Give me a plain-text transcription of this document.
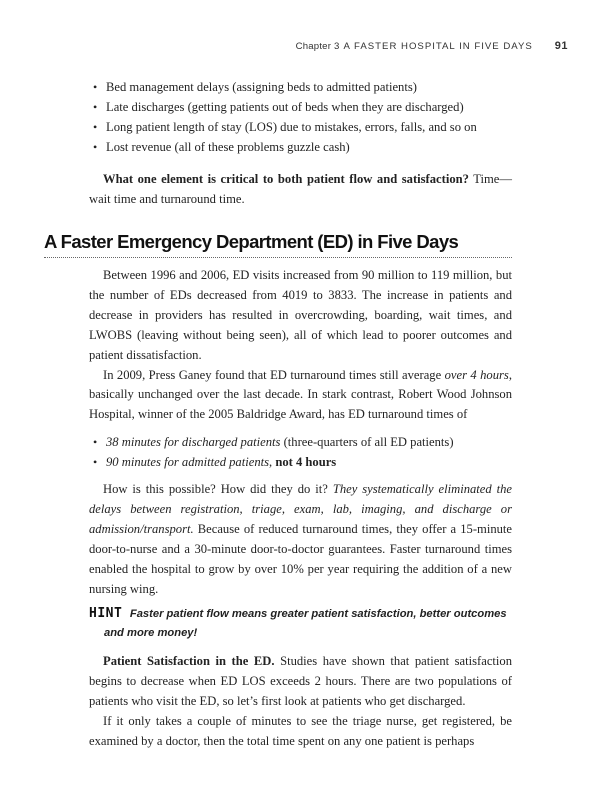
Chapter 3 A FASTER HOSPITAL IN FIVE DAYS 91
• Bed management delays (assigning beds to admitted patients)
• Late discharges (getting patients out of beds when they are discharged)
• Long patient length of stay (LOS) due to mistakes, errors, falls, and so on
• Lost revenue (all of these problems guzzle cash)

What one element is critical to both patient flow and satisfaction? Time—wait time and turnaround time.

A Faster Emergency Department (ED) in Five Days

Between 1996 and 2006, ED visits increased from 90 million to 119 million, but the number of EDs decreased from 4019 to 3833. The increase in patients and decrease in providers has resulted in overcrowding, boarding, wait times, and LWOBS (leaving without being seen), all of which lead to poorer outcomes and patient dissatisfaction.

In 2009, Press Ganey found that ED turnaround times still average over 4 hours, basically unchanged over the last decade. In stark contrast, Robert Wood Johnson Hospital, winner of the 2005 Baldridge Award, has ED turnaround times of

• 38 minutes for discharged patients (three-quarters of all ED patients)
• 90 minutes for admitted patients, not 4 hours

How is this possible? How did they do it? They systematically eliminated the delays between registration, triage, exam, lab, imaging, and discharge or admission/transport. Because of reduced turnaround times, they offer a 15-minute door-to-nurse and a 30-minute door-to-doctor guarantees. Faster turnaround times enabled the hospital to grow by over 10% per year requiring the addition of a new nursing wing.

HINT Faster patient flow means greater patient satisfaction, better outcomes
and more money!

Patient Satisfaction in the ED. Studies have shown that patient satisfaction begins to decrease when ED LOS exceeds 2 hours. There are two populations of patients who visit the ED, so let’s first look at patients who get discharged.

If it only takes a couple of minutes to see the triage nurse, get registered, be examined by a doctor, then the total time spent on any one patient is perhaps
